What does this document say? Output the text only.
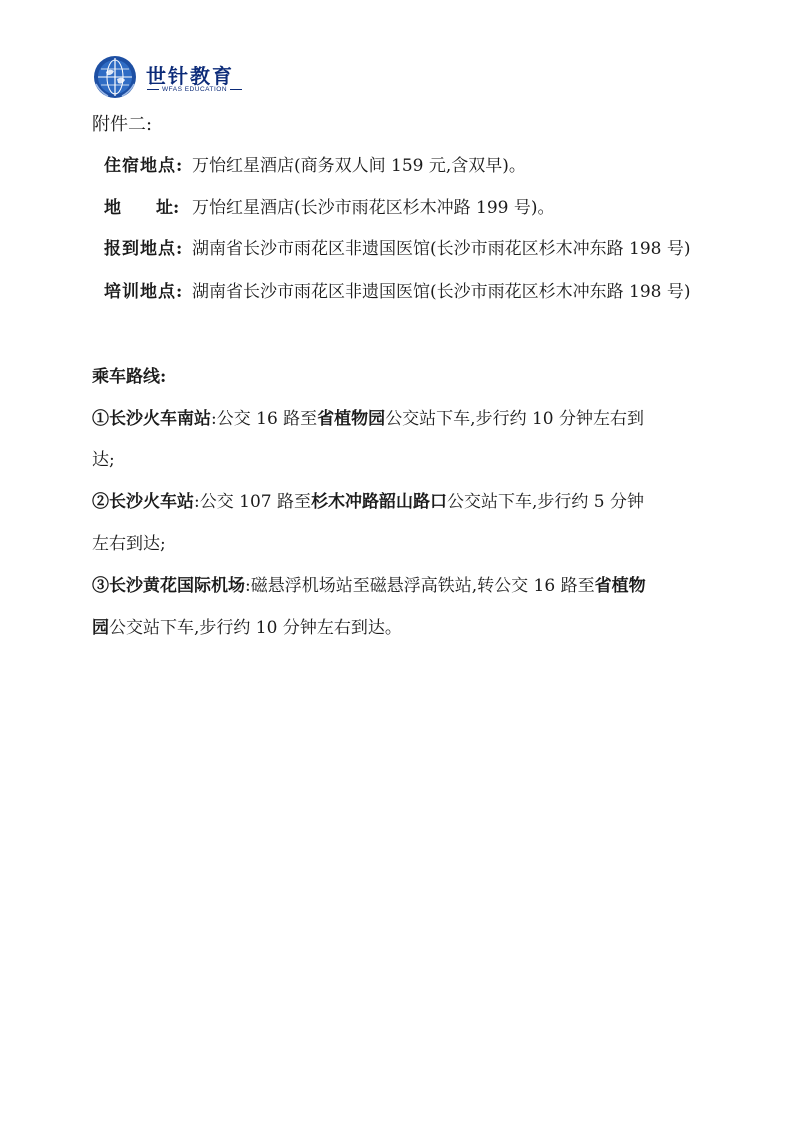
世针教育
WFAS EDUCATION
附件二:
住宿地点: 万怡红星酒店(商务双人间 159 元,含双早)。
地 址: 万怡红星酒店(长沙市雨花区杉木冲路 199 号)。
报到地点: 湖南省长沙市雨花区非遗国医馆(长沙市雨花区杉木冲东路 198 号)
培训地点: 湖南省长沙市雨花区非遗国医馆(长沙市雨花区杉木冲东路 198 号)
乘车路线:
①长沙火车南站:公交 16 路至省植物园公交站下车,步行约 10 分钟左右到
达;
②长沙火车站:公交 107 路至杉木冲路韶山路口公交站下车,步行约 5 分钟
左右到达;
③长沙黄花国际机场:磁悬浮机场站至磁悬浮高铁站,转公交 16 路至省植物
园公交站下车,步行约 10 分钟左右到达。
